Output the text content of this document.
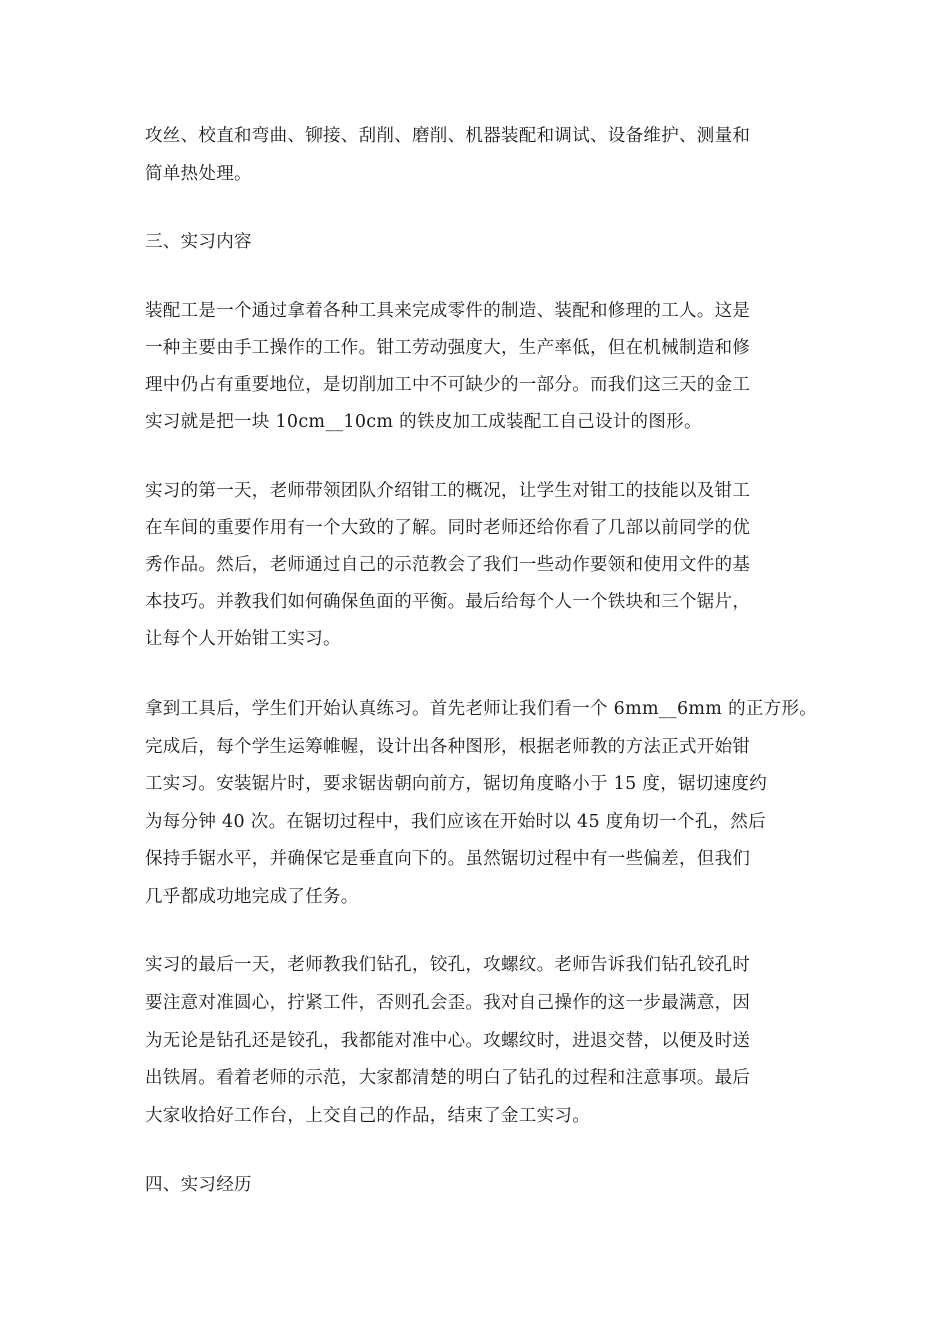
攻丝、校直和弯曲、铆接、刮削、磨削、机器装配和调试、设备维护、测量和

简单热处理。

三、实习内容

装配工是一个通过拿着各种工具来完成零件的制造、装配和修理的工人。这是

一种主要由手工操作的工作。钳工劳动强度大，生产率低，但在机械制造和修

理中仍占有重要地位，是切削加工中不可缺少的一部分。而我们这三天的金工

实习就是把一块 10cm__10cm 的铁皮加工成装配工自己设计的图形。

实习的第一天，老师带领团队介绍钳工的概况，让学生对钳工的技能以及钳工

在车间的重要作用有一个大致的了解。同时老师还给你看了几部以前同学的优

秀作品。然后，老师通过自己的示范教会了我们一些动作要领和使用文件的基

本技巧。并教我们如何确保鱼面的平衡。最后给每个人一个铁块和三个锯片，

让每个人开始钳工实习。

拿到工具后，学生们开始认真练习。首先老师让我们看一个 6mm__6mm 的正方形。

完成后，每个学生运筹帷幄，设计出各种图形，根据老师教的方法正式开始钳

工实习。安装锯片时，要求锯齿朝向前方，锯切角度略小于 15 度，锯切速度约

为每分钟 40 次。在锯切过程中，我们应该在开始时以 45 度角切一个孔，然后

保持手锯水平，并确保它是垂直向下的。虽然锯切过程中有一些偏差，但我们

几乎都成功地完成了任务。

实习的最后一天，老师教我们钻孔，铰孔，攻螺纹。老师告诉我们钻孔铰孔时

要注意对准圆心，拧紧工件，否则孔会歪。我对自己操作的这一步最满意，因

为无论是钻孔还是铰孔，我都能对准中心。攻螺纹时，进退交替，以便及时送

出铁屑。看着老师的示范，大家都清楚的明白了钻孔的过程和注意事项。最后

大家收拾好工作台，上交自己的作品，结束了金工实习。

四、实习经历
